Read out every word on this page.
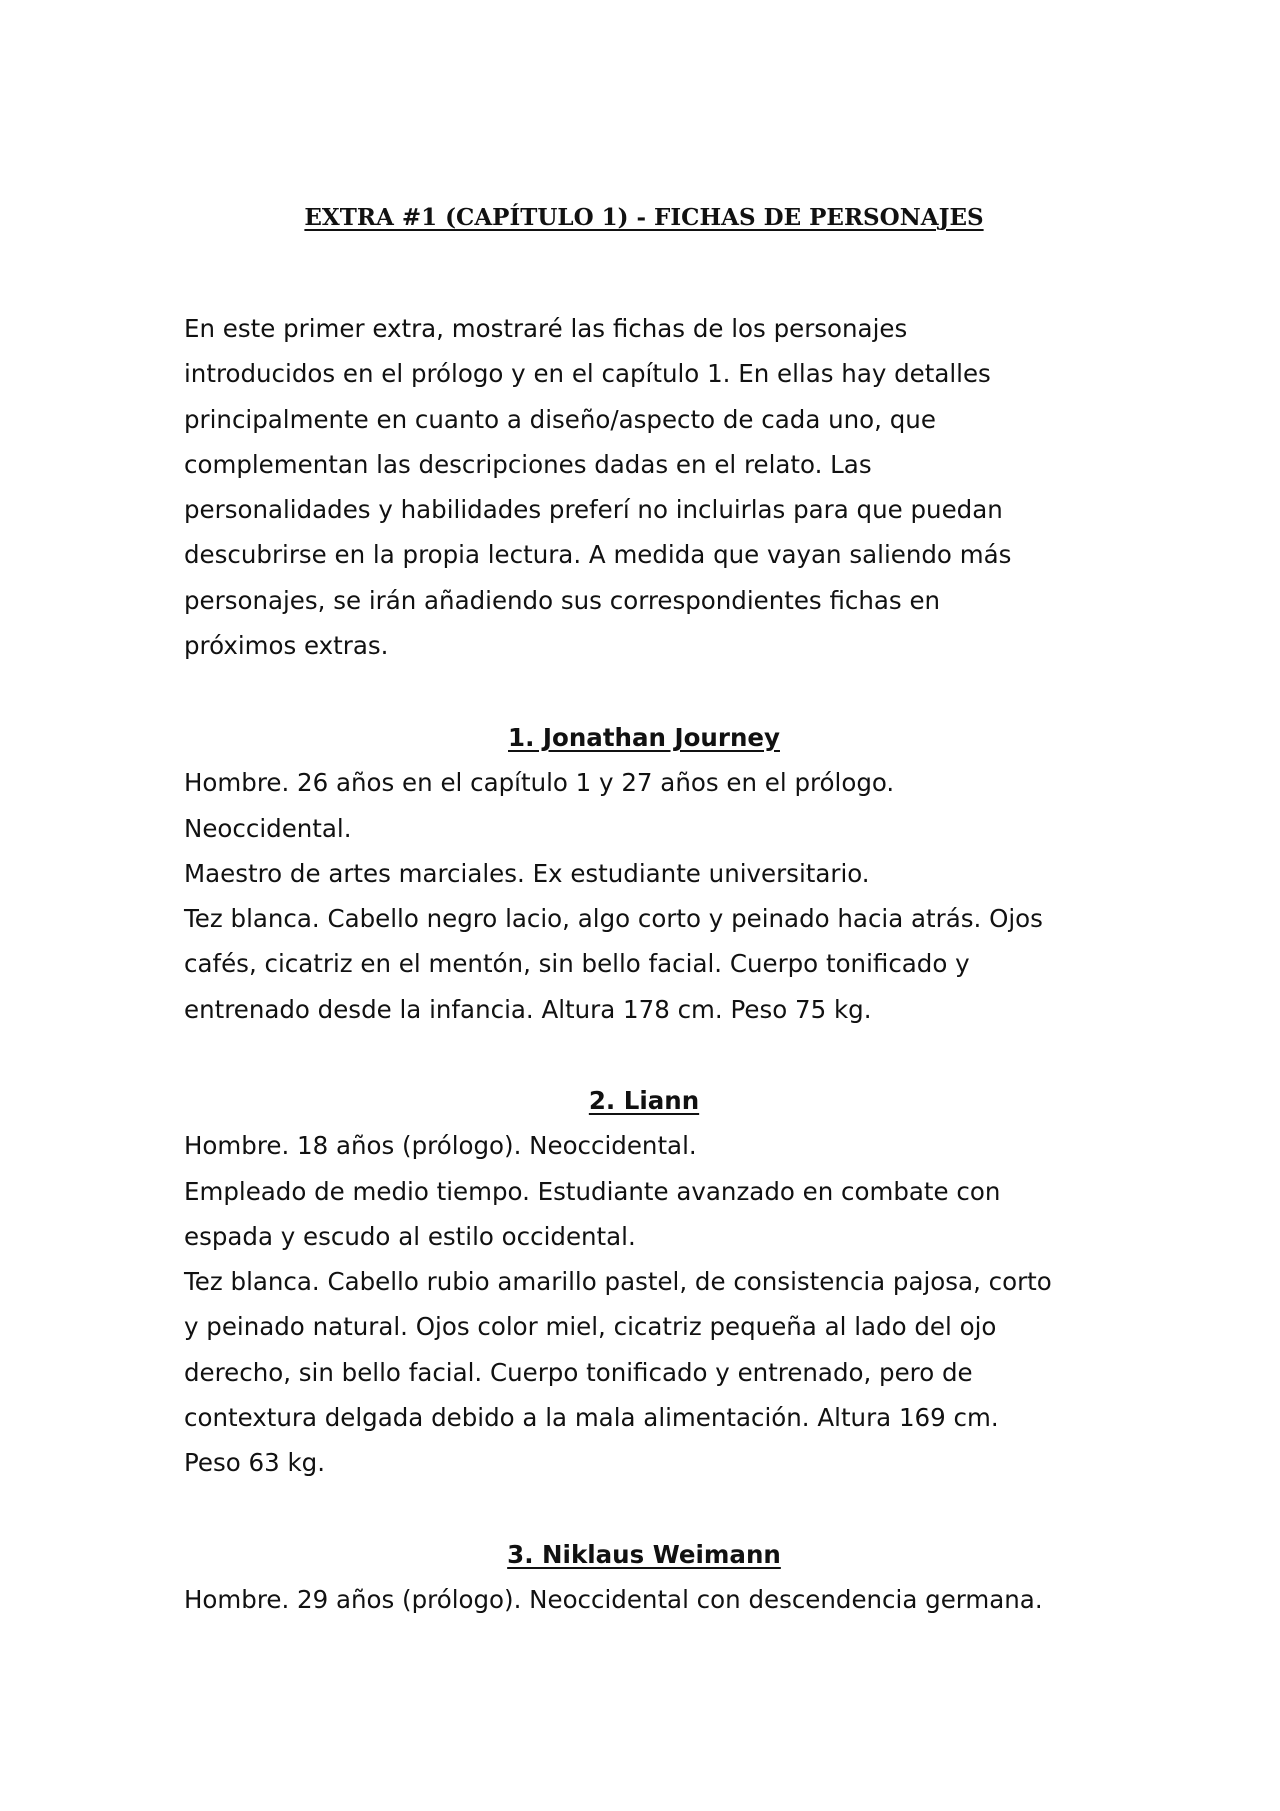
EXTRA #1 (CAPÍTULO 1) - FICHAS DE PERSONAJES
En este primer extra, mostraré las fichas de los personajes
introducidos en el prólogo y en el capítulo 1. En ellas hay detalles
principalmente en cuanto a diseño/aspecto de cada uno, que
complementan las descripciones dadas en el relato. Las
personalidades y habilidades preferí no incluirlas para que puedan
descubrirse en la propia lectura. A medida que vayan saliendo más
personajes, se irán añadiendo sus correspondientes fichas en
próximos extras.
1. Jonathan Journey

Hombre. 26 años en el capítulo 1 y 27 años en el prólogo.

Neoccidental.

Maestro de artes marciales. Ex estudiante universitario.

Tez blanca. Cabello negro lacio, algo corto y peinado hacia atrás. Ojos

cafés, cicatriz en el mentón, sin bello facial. Cuerpo tonificado y

entrenado desde la infancia. Altura 178 cm. Peso 75 kg.

2. Liann

Hombre. 18 años (prólogo). Neoccidental.

Empleado de medio tiempo. Estudiante avanzado en combate con

espada y escudo al estilo occidental.

Tez blanca. Cabello rubio amarillo pastel, de consistencia pajosa, corto

y peinado natural. Ojos color miel, cicatriz pequeña al lado del ojo

derecho, sin bello facial. Cuerpo tonificado y entrenado, pero de

contextura delgada debido a la mala alimentación. Altura 169 cm.

Peso 63 kg.

3. Niklaus Weimann

Hombre. 29 años (prólogo). Neoccidental con descendencia germana.
